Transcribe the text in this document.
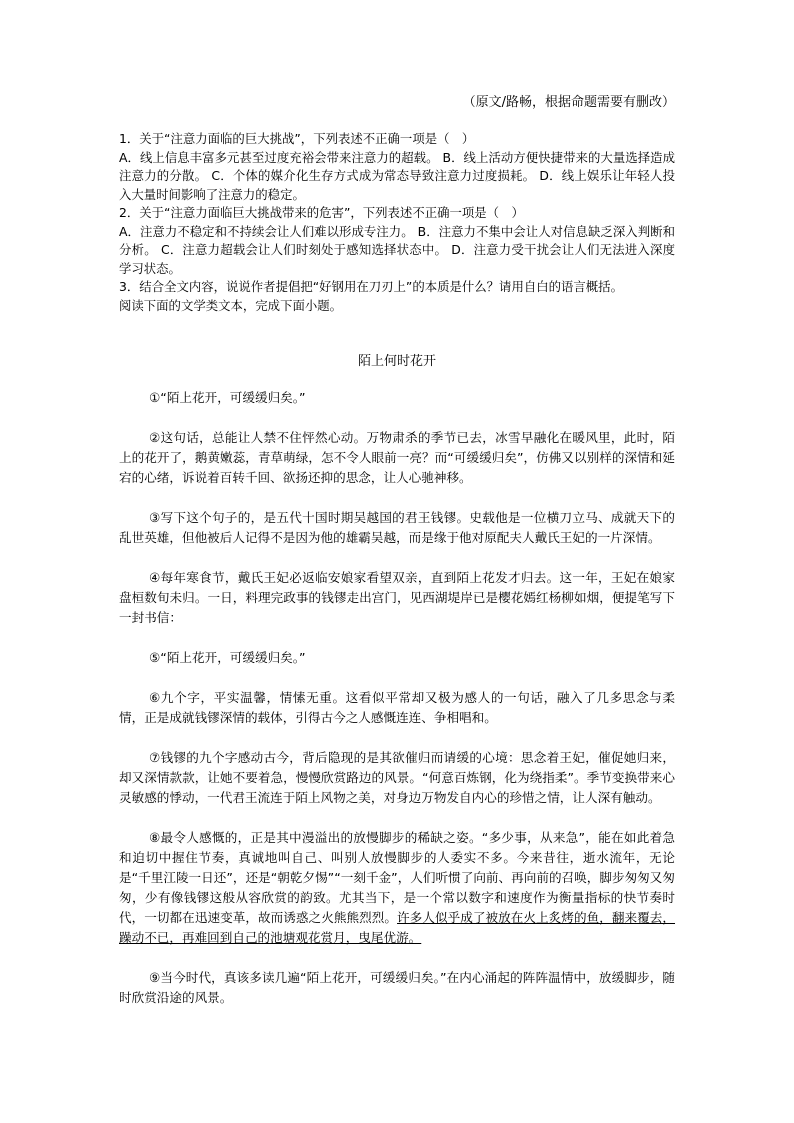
（原文/路畅，根据命题需要有删改）

1．关于“注意力面临的巨大挑战”，下列表述不正确一项是（　）

A．线上信息丰富多元甚至过度充裕会带来注意力的超载。 B．线上活动方便快捷带来的大量选择造成注意力的分散。 C．个体的媒介化生存方式成为常态导致注意力过度损耗。 D．线上娱乐让年轻人投入大量时间影响了注意力的稳定。

2．关于“注意力面临巨大挑战带来的危害”，下列表述不正确一项是（　）

A．注意力不稳定和不持续会让人们难以形成专注力。 B．注意力不集中会让人对信息缺乏深入判断和分析。 C．注意力超载会让人们时刻处于感知选择状态中。 D．注意力受干扰会让人们无法进入深度学习状态。

3．结合全文内容，说说作者提倡把“好钢用在刀刃上”的本质是什么？请用自白的语言概括。

阅读下面的文学类文本，完成下面小题。

陌上何时花开

①“陌上花开，可缓缓归矣。”

②这句话，总能让人禁不住怦然心动。万物肃杀的季节已去，冰雪早融化在暖风里，此时，陌上的花开了，鹅黄嫩蕊，青草萌绿，怎不令人眼前一亮？而“可缓缓归矣”，仿佛又以别样的深情和延宕的心绪，诉说着百转千回、欲扬还抑的思念，让人心驰神移。

③写下这个句子的，是五代十国时期吴越国的君王钱镠。史载他是一位横刀立马、成就天下的乱世英雄，但他被后人记得不是因为他的雄霸吴越，而是缘于他对原配夫人戴氏王妃的一片深情。

④每年寒食节，戴氏王妃必返临安娘家看望双亲，直到陌上花发才归去。这一年，王妃在娘家盘桓数旬未归。一日，料理完政事的钱镠走出宫门，见西湖堤岸已是樱花嫣红杨柳如烟，便提笔写下一封书信：

⑤“陌上花开，可缓缓归矣。”

⑥九个字，平实温馨，情愫无重。这看似平常却又极为感人的一句话，融入了几多思念与柔情，正是成就钱镠深情的载体，引得古今之人感慨连连、争相唱和。

⑦钱镠的九个字感动古今，背后隐现的是其欲催归而请缓的心境：思念着王妃，催促她归来，却又深情款款，让她不要着急，慢慢欣赏路边的风景。“何意百炼钢，化为绕指柔”。季节变换带来心灵敏感的悸动，一代君王流连于陌上风物之美，对身边万物发自内心的珍惜之情，让人深有触动。

⑧最令人感慨的，正是其中漫溢出的放慢脚步的稀缺之姿。“多少事，从来急”，能在如此着急和迫切中握住节奏，真诚地叫自己、叫别人放慢脚步的人委实不多。今来昔往，逝水流年，无论是“千里江陵一日还”，还是“朝乾夕惕”“一刻千金”，人们听惯了向前、再向前的召唤，脚步匆匆又匆匆，少有像钱镠这般从容欣赏的韵致。尤其当下，是一个常以数字和速度作为衡量指标的快节奏时代，一切都在迅速变革，故而诱惑之火熊熊烈烈。许多人似乎成了被放在火上炙烤的鱼，翻来覆去，躁动不已，再难回到自己的池塘观花赏月，曳尾优游。

⑨当今时代，真该多读几遍“陌上花开，可缓缓归矣。”在内心涌起的阵阵温情中，放缓脚步，随时欣赏沿途的风景。
